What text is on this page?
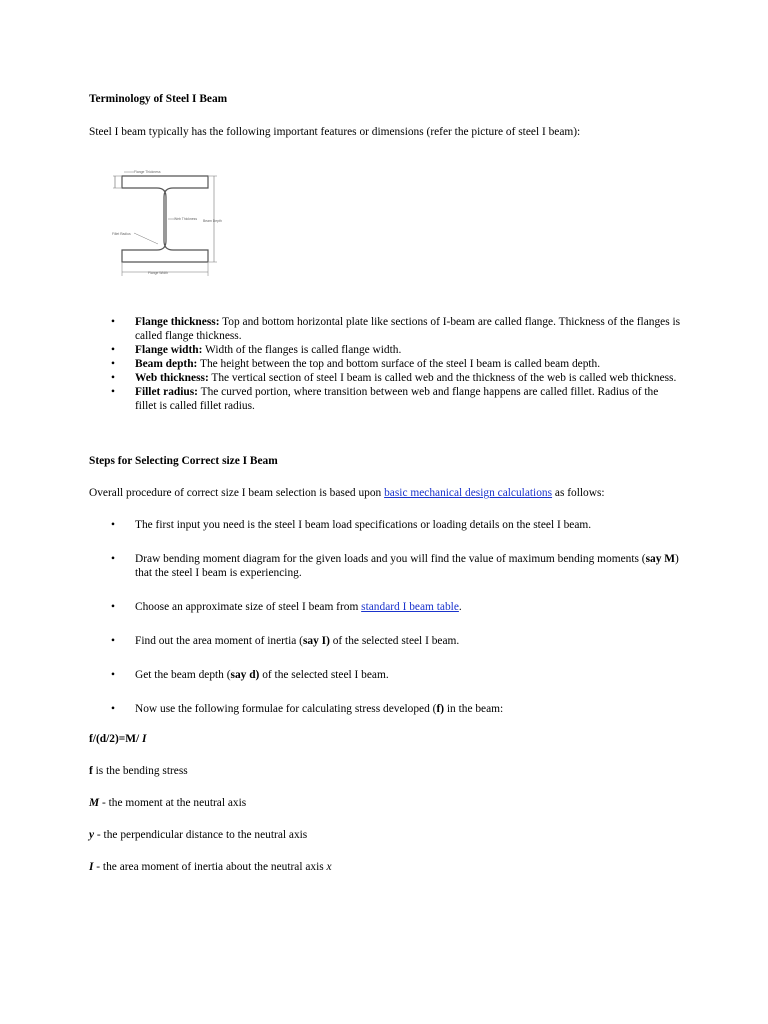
Terminology of Steel I Beam
Steel I beam typically has the following important features or dimensions (refer the picture of steel I beam):
Flange Thickness
Web Thickness Beam Depth
Fillet Radius
Flange Width
• Flange thickness: Top and bottom horizontal plate like sections of I-beam are called flange. Thickness of the flanges is called flange thickness.
• Flange width: Width of the flanges is called flange width.
• Beam depth: The height between the top and bottom surface of the steel I beam is called beam depth.
• Web thickness: The vertical section of steel I beam is called web and the thickness of the web is called web thickness.
• Fillet radius: The curved portion, where transition between web and flange happens are called fillet. Radius of the fillet is called fillet radius.
Steps for Selecting Correct size I Beam
Overall procedure of correct size I beam selection is based upon basic mechanical design calculations as follows:
• The first input you need is the steel I beam load specifications or loading details on the steel I beam.
• Draw bending moment diagram for the given loads and you will find the value of maximum bending moments (say M) that the steel I beam is experiencing.
• Choose an approximate size of steel I beam from standard I beam table.
• Find out the area moment of inertia (say I) of the selected steel I beam.
• Get the beam depth (say d) of the selected steel I beam.
• Now use the following formulae for calculating stress developed (f) in the beam:
f/(d/2)=M/ I
f is the bending stress
M - the moment at the neutral axis
y - the perpendicular distance to the neutral axis
I - the area moment of inertia about the neutral axis x
